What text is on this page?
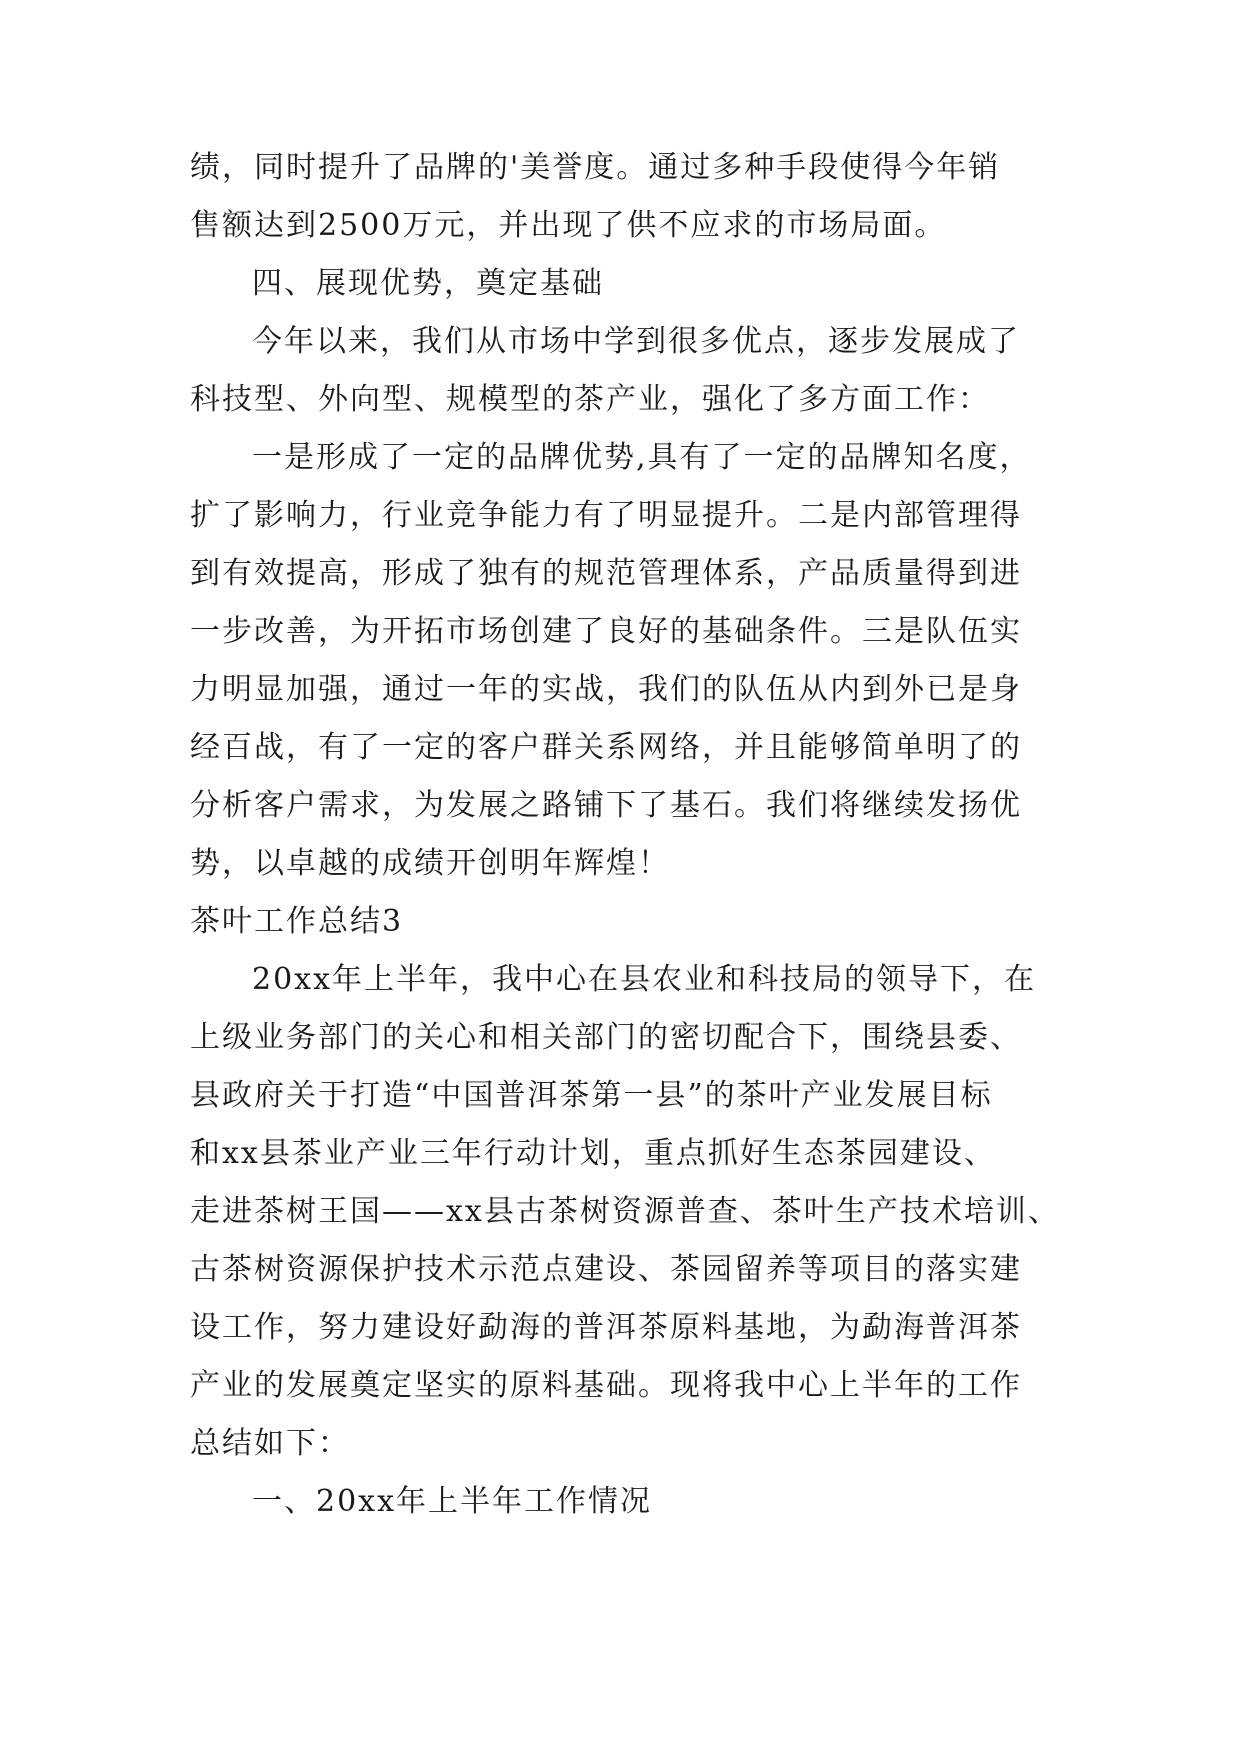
绩，同时提升了品牌的'美誉度。通过多种手段使得今年销
售额达到2500万元，并出现了供不应求的市场局面。
四、展现优势，奠定基础
今年以来，我们从市场中学到很多优点，逐步发展成了
科技型、外向型、规模型的茶产业，强化了多方面工作：
一是形成了一定的品牌优势,具有了一定的品牌知名度，
扩了影响力，行业竞争能力有了明显提升。二是内部管理得
到有效提高，形成了独有的规范管理体系，产品质量得到进
一步改善，为开拓市场创建了良好的基础条件。三是队伍实
力明显加强，通过一年的实战，我们的队伍从内到外已是身
经百战，有了一定的客户群关系网络，并且能够简单明了的
分析客户需求，为发展之路铺下了基石。我们将继续发扬优
势，以卓越的成绩开创明年辉煌！
茶叶工作总结3
20xx年上半年，我中心在县农业和科技局的领导下，在
上级业务部门的关心和相关部门的密切配合下，围绕县委、
县政府关于打造“中国普洱茶第一县”的茶叶产业发展目标
和xx县茶业产业三年行动计划，重点抓好生态茶园建设、
走进茶树王国——xx县古茶树资源普查、茶叶生产技术培训、
古茶树资源保护技术示范点建设、茶园留养等项目的落实建
设工作，努力建设好勐海的普洱茶原料基地，为勐海普洱茶
产业的发展奠定坚实的原料基础。现将我中心上半年的工作
总结如下：
一、20xx年上半年工作情况
